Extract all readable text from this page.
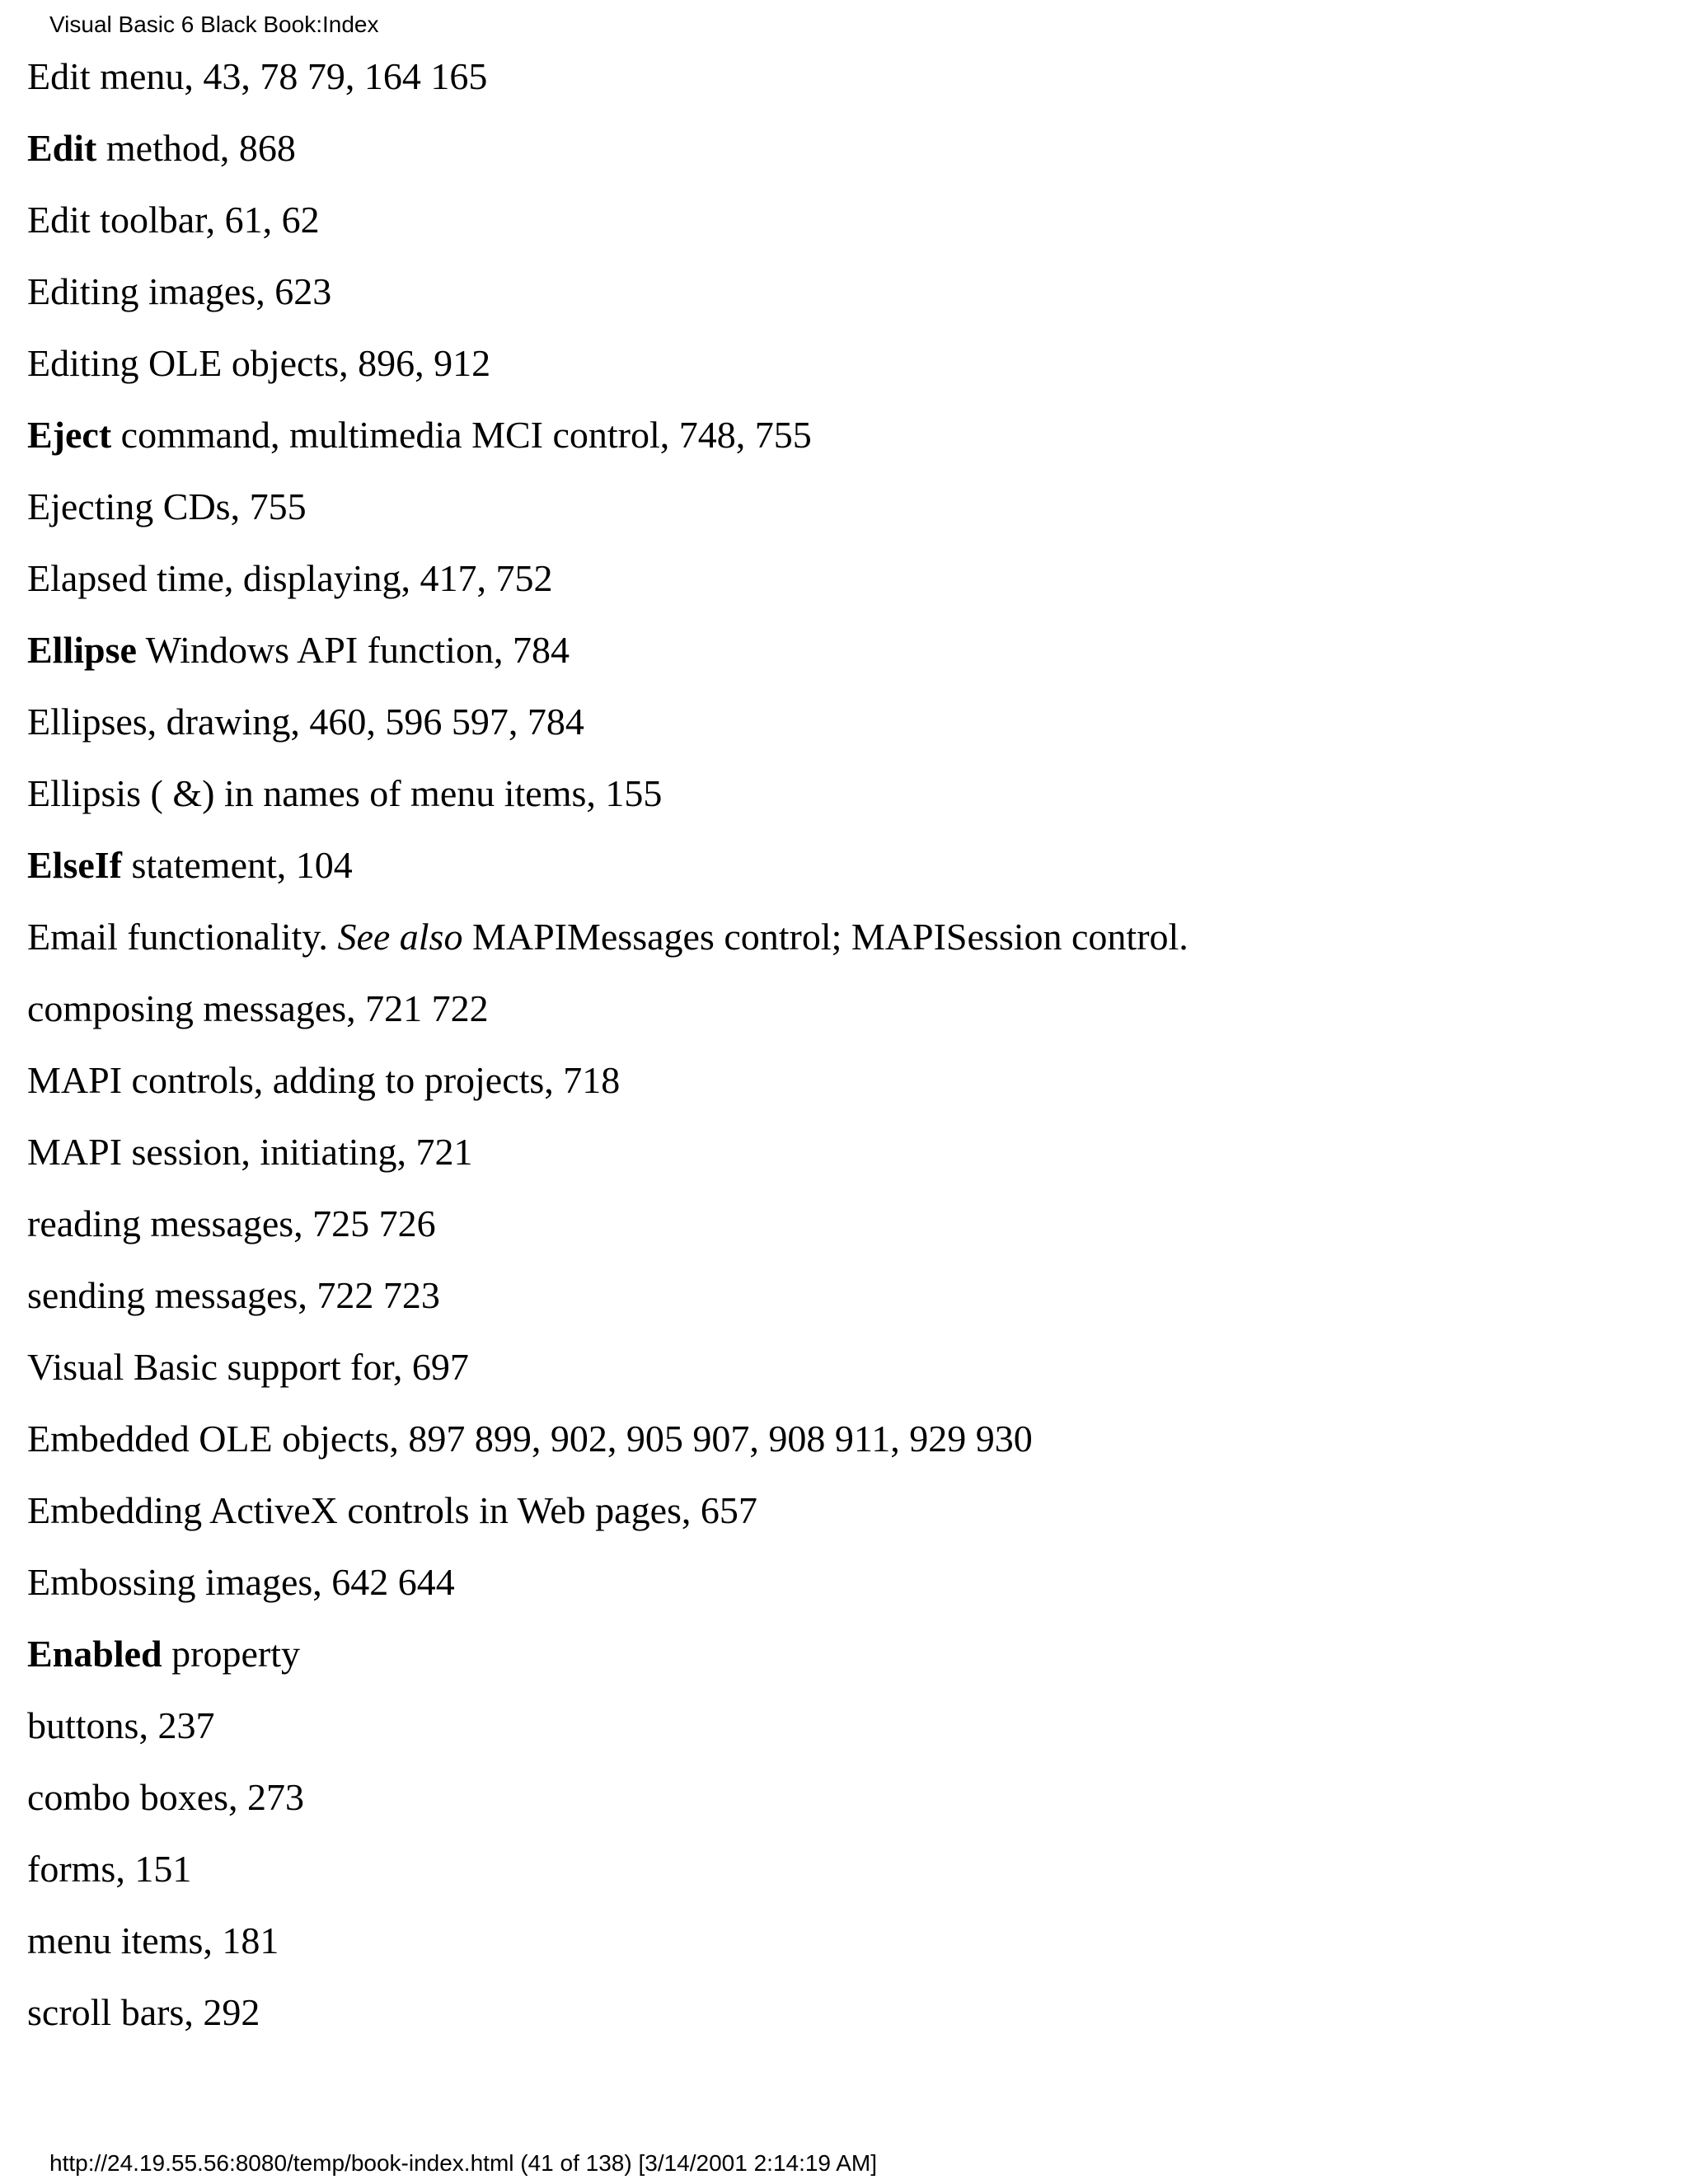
Visual Basic 6 Black Book:Index
Edit menu, 43, 78 79, 164 165
Edit method, 868
Edit toolbar, 61, 62
Editing images, 623
Editing OLE objects, 896, 912
Eject command, multimedia MCI control, 748, 755
Ejecting CDs, 755
Elapsed time, displaying, 417, 752
Ellipse Windows API function, 784
Ellipses, drawing, 460, 596 597, 784
Ellipsis ( &) in names of menu items, 155
ElseIf statement, 104
Email functionality. See also MAPIMessages control; MAPISession control.
composing messages, 721 722
MAPI controls, adding to projects, 718
MAPI session, initiating, 721
reading messages, 725 726
sending messages, 722 723
Visual Basic support for, 697
Embedded OLE objects, 897 899, 902, 905 907, 908 911, 929 930
Embedding ActiveX controls in Web pages, 657
Embossing images, 642 644
Enabled property
buttons, 237
combo boxes, 273
forms, 151
menu items, 181
scroll bars, 292
http://24.19.55.56:8080/temp/book-index.html (41 of 138) [3/14/2001 2:14:19 AM]
